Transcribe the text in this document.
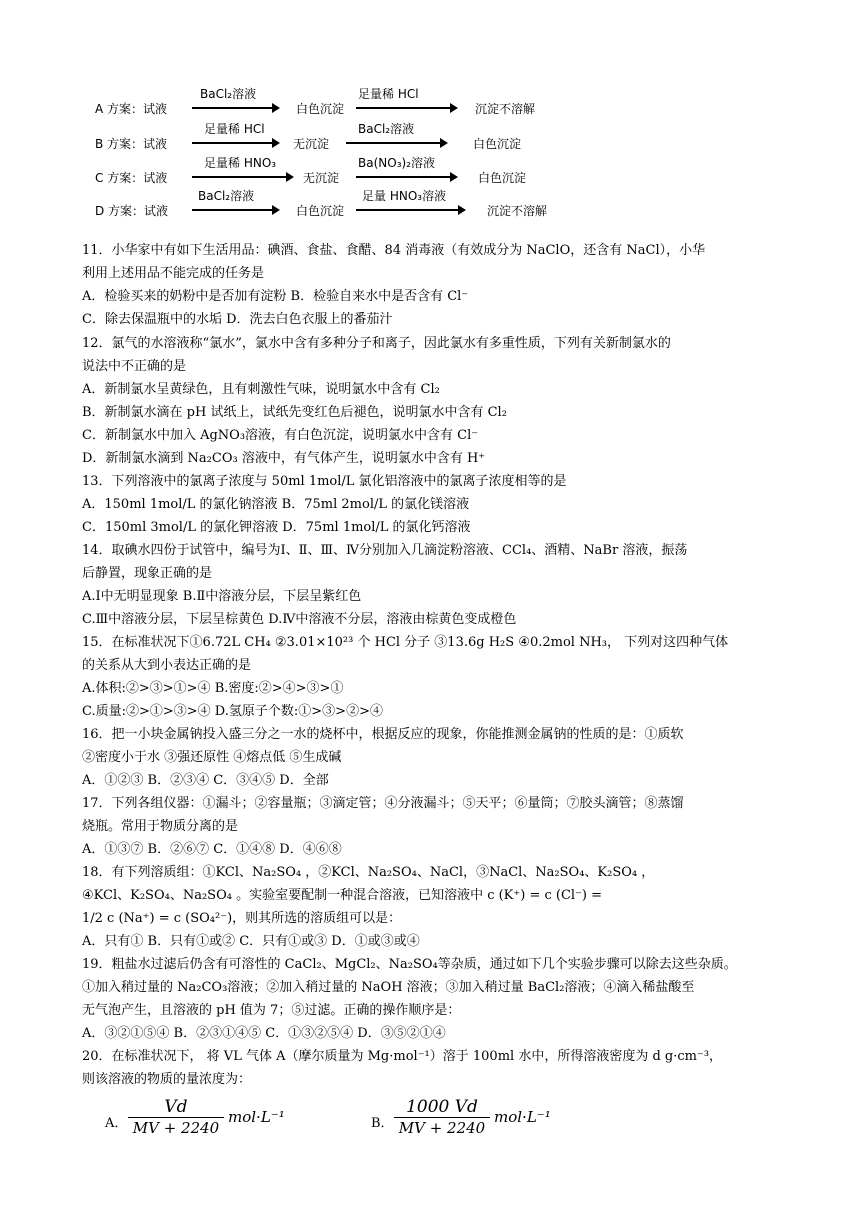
A 方案：试液
BaCl₂溶液
白色沉淀
足量稀 HCl
沉淀不溶解
B 方案：试液
足量稀 HCl
无沉淀
BaCl₂溶液
白色沉淀
C 方案：试液
足量稀 HNO₃
无沉淀
Ba(NO₃)₂溶液
白色沉淀
D 方案：试液
BaCl₂溶液
白色沉淀
足量 HNO₃溶液
沉淀不溶解
11．小华家中有如下生活用品：碘酒、食盐、食醋、84 消毒液（有效成分为 NaClO，还含有 NaCl），小华
利用上述用品不能完成的任务是
A．检验买来的奶粉中是否加有淀粉 B．检验自来水中是否含有 Cl⁻
C．除去保温瓶中的水垢 D．洗去白色衣服上的番茄汁
12．氯气的水溶液称“氯水”，氯水中含有多种分子和离子，因此氯水有多重性质，下列有关新制氯水的
说法中不正确的是
A．新制氯水呈黄绿色，且有刺激性气味，说明氯水中含有 Cl₂
B．新制氯水滴在 pH 试纸上，试纸先变红色后褪色，说明氯水中含有 Cl₂
C．新制氯水中加入 AgNO₃溶液，有白色沉淀，说明氯水中含有 Cl⁻
D．新制氯水滴到 Na₂CO₃ 溶液中，有气体产生，说明氯水中含有 H⁺
13．下列溶液中的氯离子浓度与 50ml 1mol/L 氯化铝溶液中的氯离子浓度相等的是
A．150ml 1mol/L 的氯化钠溶液 B．75ml 2mol/L 的氯化镁溶液
C．150ml 3mol/L 的氯化钾溶液 D．75ml 1mol/L 的氯化钙溶液
14．取碘水四份于试管中，编号为Ⅰ、Ⅱ、Ⅲ、Ⅳ分别加入几滴淀粉溶液、CCl₄、酒精、NaBr 溶液，振荡
后静置，现象正确的是
A.Ⅰ中无明显现象 B.Ⅱ中溶液分层，下层呈紫红色
C.Ⅲ中溶液分层，下层呈棕黄色 D.Ⅳ中溶液不分层，溶液由棕黄色变成橙色
15．在标准状况下①6.72L CH₄ ②3.01×10²³ 个 HCl 分子 ③13.6g H₂S ④0.2mol NH₃， 下列对这四种气体
的关系从大到小表达正确的是
A.体积:②>③>①>④ B.密度:②>④>③>①
C.质量:②>①>③>④ D.氢原子个数:①>③>②>④
16．把一小块金属钠投入盛三分之一水的烧杯中，根据反应的现象，你能推测金属钠的性质的是：①质软
②密度小于水 ③强还原性 ④熔点低 ⑤生成碱
A．①②③ B．②③④ C．③④⑤ D．全部
17．下列各组仪器：①漏斗；②容量瓶；③滴定管；④分液漏斗；⑤天平；⑥量筒；⑦胶头滴管；⑧蒸馏
烧瓶。常用于物质分离的是
A．①③⑦ B．②⑥⑦ C．①④⑧ D．④⑥⑧
18．有下列溶质组：①KCl、Na₂SO₄ ，②KCl、Na₂SO₄、NaCl，③NaCl、Na₂SO₄、K₂SO₄ ，
④KCl、K₂SO₄、Na₂SO₄ 。实验室要配制一种混合溶液，已知溶液中 c (K⁺) = c (Cl⁻) =
1/2 c (Na⁺) = c (SO₄²⁻)，则其所选的溶质组可以是：
A．只有① B．只有①或② C．只有①或③ D．①或③或④
19．粗盐水过滤后仍含有可溶性的 CaCl₂、MgCl₂、Na₂SO₄等杂质，通过如下几个实验步骤可以除去这些杂质。
①加入稍过量的 Na₂CO₃溶液；②加入稍过量的 NaOH 溶液；③加入稍过量 BaCl₂溶液；④滴入稀盐酸至
无气泡产生，且溶液的 pH 值为 7；⑤过滤。正确的操作顺序是：
A．③②①⑤④ B．②③①④⑤ C．①③②⑤④ D．③⑤②①④
20．在标准状况下， 将 VL 气体 A（摩尔质量为 Mg·mol⁻¹）溶于 100ml 水中，所得溶液密度为 d g·cm⁻³，
则该溶液的物质的量浓度为：
A． $\frac{Vd}{MV + 2240} mol\cdot L^{-1}$	B． $\frac{1000 Vd}{MV + 2240} mol\cdot L^{-1}$
